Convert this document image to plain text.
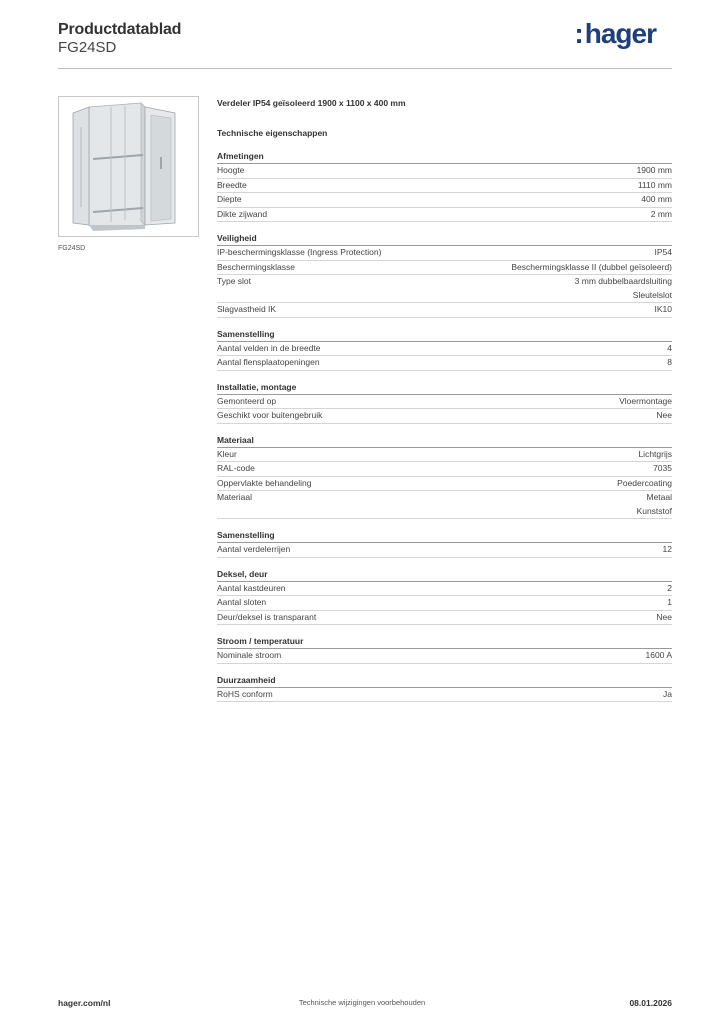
Productdatablad
FG24SD	:hager
FG24SD
Verdeler IP54 geïsoleerd 1900 x 1100 x 400 mm
Technische eigenschappen
Afmetingen
Hoogte	1900 mm
Breedte	1110 mm
Diepte	400 mm
Dikte zijwand	2 mm
Veiligheid
IP-beschermingsklasse (Ingress Protection)	IP54
Beschermingsklasse	Beschermingsklasse II (dubbel geïsoleerd)
Type slot	3 mm dubbelbaardsluiting
Sleutelslot
Slagvastheid IK	IK10
Samenstelling
Aantal velden in de breedte	4
Aantal flensplaatopeningen	8
Installatie, montage
Gemonteerd op	Vloermontage
Geschikt voor buitengebruik	Nee
Materiaal
Kleur	Lichtgrijs
RAL-code	7035
Oppervlakte behandeling	Poedercoating
Materiaal	Metaal
Kunststof
Samenstelling
Aantal verdelerrijen	12
Deksel, deur
Aantal kastdeuren	2
Aantal sloten	1
Deur/deksel is transparant	Nee
Stroom / temperatuur
Nominale stroom	1600 A
Duurzaamheid
RoHS conform	Ja
hager.com/nl	Technische wijzigingen voorbehouden	08.01.2026
